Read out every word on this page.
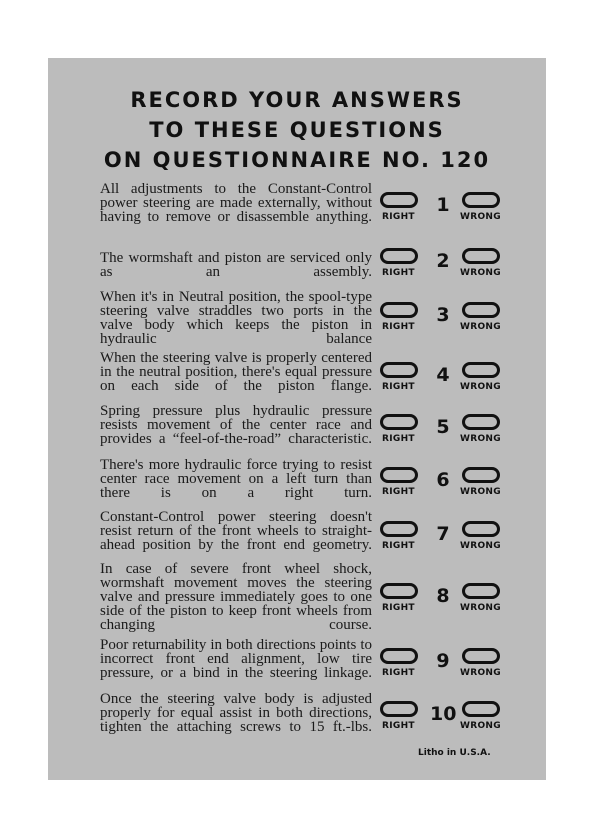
RECORD YOUR ANSWERS
TO THESE QUESTIONS
ON QUESTIONNAIRE NO. 120
All adjustments to the Constant-Control power steering are made externally, without having to remove or disassemble anything. RIGHT
1
WRONG
The wormshaft and piston are serviced only as an assembly. RIGHT
2
WRONG
When it's in Neutral position, the spool-type steering valve straddles two ports in the valve body which keeps the piston in hydraulic balance
RIGHT
3
WRONG
When the steering valve is properly centered in the neutral position, there's equal pressure on each side of the piston flange. RIGHT
4
WRONG
Spring pressure plus hydraulic pressure resists movement of the center race and provides a “feel-of-the-road” characteristic. RIGHT
5
WRONG
There's more hydraulic force trying to resist center race movement on a left turn than there is on a right turn. RIGHT
6
WRONG
Constant-Control power steering doesn't resist return of the front wheels to straight-ahead position by the front end geometry. RIGHT
7
WRONG
In case of severe front wheel shock, wormshaft movement moves the steering valve and pressure immediately goes to one side of the piston to keep front wheels from changing course.
RIGHT
8
WRONG
Poor returnability in both directions points to incorrect front end alignment, low tire pressure, or a bind in the steering linkage. RIGHT
9
WRONG
Once the steering valve body is adjusted properly for equal assist in both directions, tighten the attaching screws to 15 ft.-lbs. RIGHT
10
WRONG
Litho in U.S.A.
